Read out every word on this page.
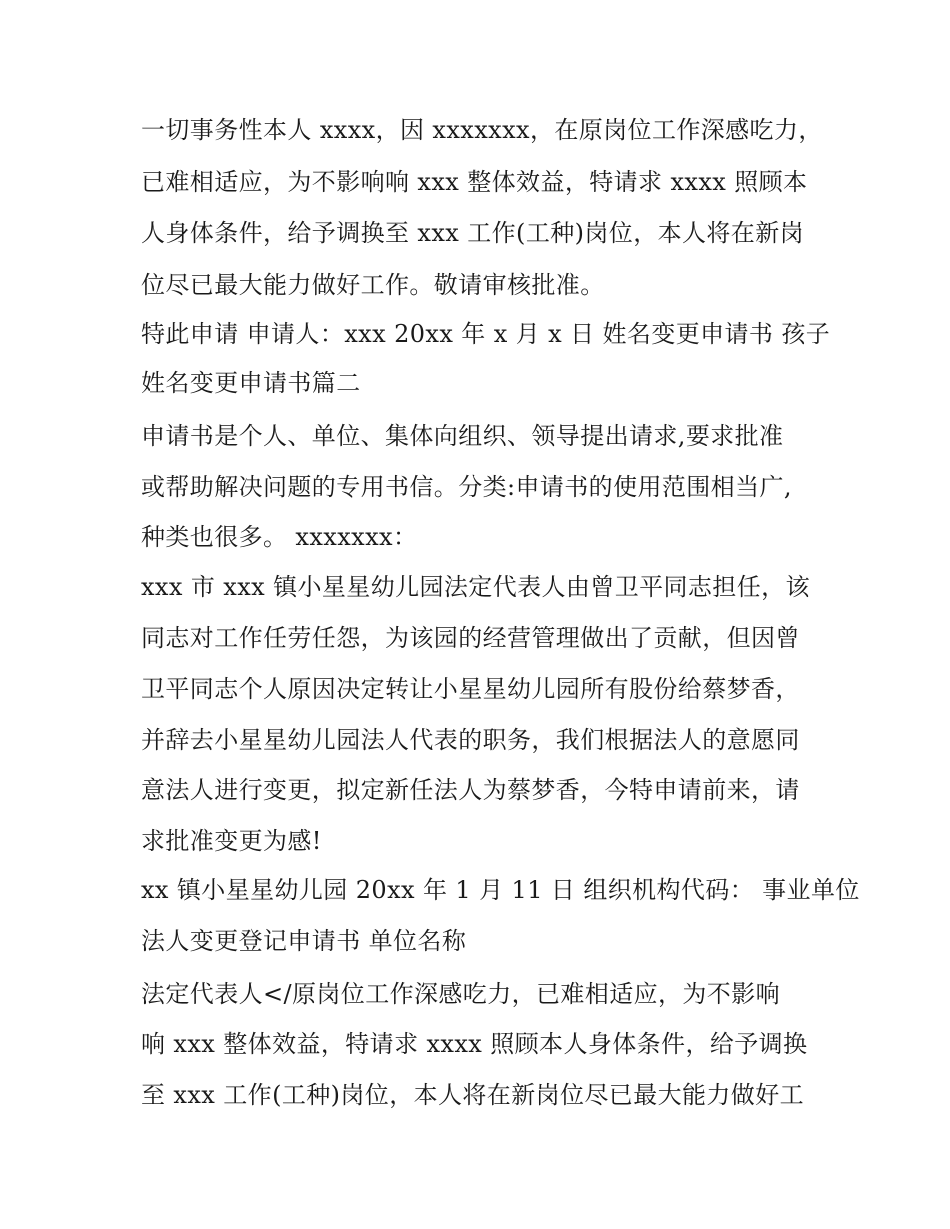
一切事务性本人 xxxx，因 xxxxxxx，在原岗位工作深感吃力，
已难相适应，为不影响响 xxx 整体效益，特请求 xxxx 照顾本
人身体条件，给予调换至 xxx 工作(工种)岗位，本人将在新岗
位尽已最大能力做好工作。敬请审核批准。
特此申请 申请人：xxx 20xx 年 x 月 x 日 姓名变更申请书 孩子
姓名变更申请书篇二
申请书是个人、单位、集体向组织、领导提出请求,要求批准
或帮助解决问题的专用书信。分类:申请书的使用范围相当广,
种类也很多。 xxxxxxx：
xxx 市 xxx 镇小星星幼儿园法定代表人由曾卫平同志担任，该
同志对工作任劳任怨，为该园的经营管理做出了贡献，但因曾
卫平同志个人原因决定转让小星星幼儿园所有股份给蔡梦香，
并辞去小星星幼儿园法人代表的职务，我们根据法人的意愿同
意法人进行变更，拟定新任法人为蔡梦香，今特申请前来，请
求批准变更为感!
xx 镇小星星幼儿园 20xx 年 1 月 11 日 组织机构代码： 事业单位
法人变更登记申请书 单位名称
法定代表人</原岗位工作深感吃力，已难相适应，为不影响
响 xxx 整体效益，特请求 xxxx 照顾本人身体条件，给予调换
至 xxx 工作(工种)岗位，本人将在新岗位尽已最大能力做好工
